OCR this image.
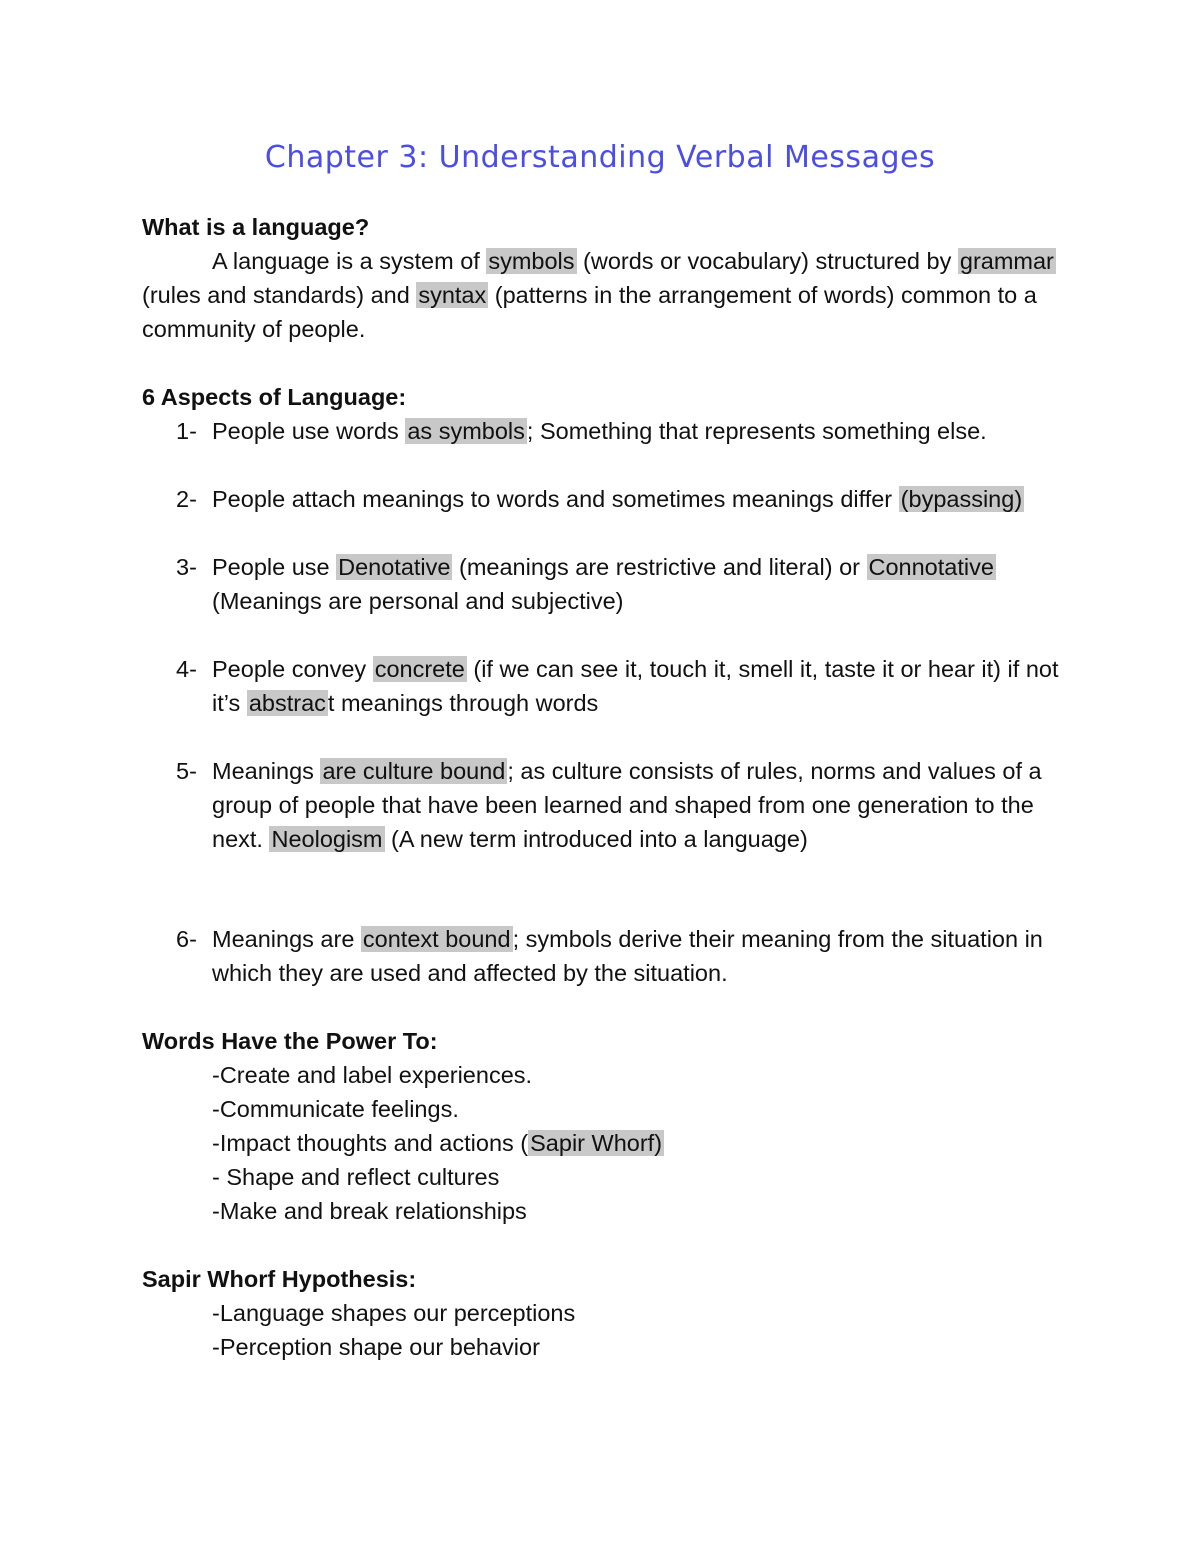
Chapter 3: Understanding Verbal Messages

What is a language?

A language is a system of symbols (words or vocabulary) structured by grammar (rules and standards) and syntax (patterns in the arrangement of words) common to a community of people.

6 Aspects of Language:

1- People use words as symbols; Something that represents something else.
2- People attach meanings to words and sometimes meanings differ (bypassing)
3- People use Denotative (meanings are restrictive and literal) or Connotative (Meanings are personal and subjective)
4- People convey concrete (if we can see it, touch it, smell it, taste it or hear it) if not it’s abstract meanings through words
5- Meanings are culture bound; as culture consists of rules, norms and values of a group of people that have been learned and shaped from one generation to the next. Neologism (A new term introduced into a language)
6- Meanings are context bound; symbols derive their meaning from the situation in which they are used and affected by the situation.

Words Have the Power To:

-Create and label experiences.
-Communicate feelings.
-Impact thoughts and actions (Sapir Whorf)
- Shape and reflect cultures
-Make and break relationships

Sapir Whorf Hypothesis:

-Language shapes our perceptions
-Perception shape our behavior
